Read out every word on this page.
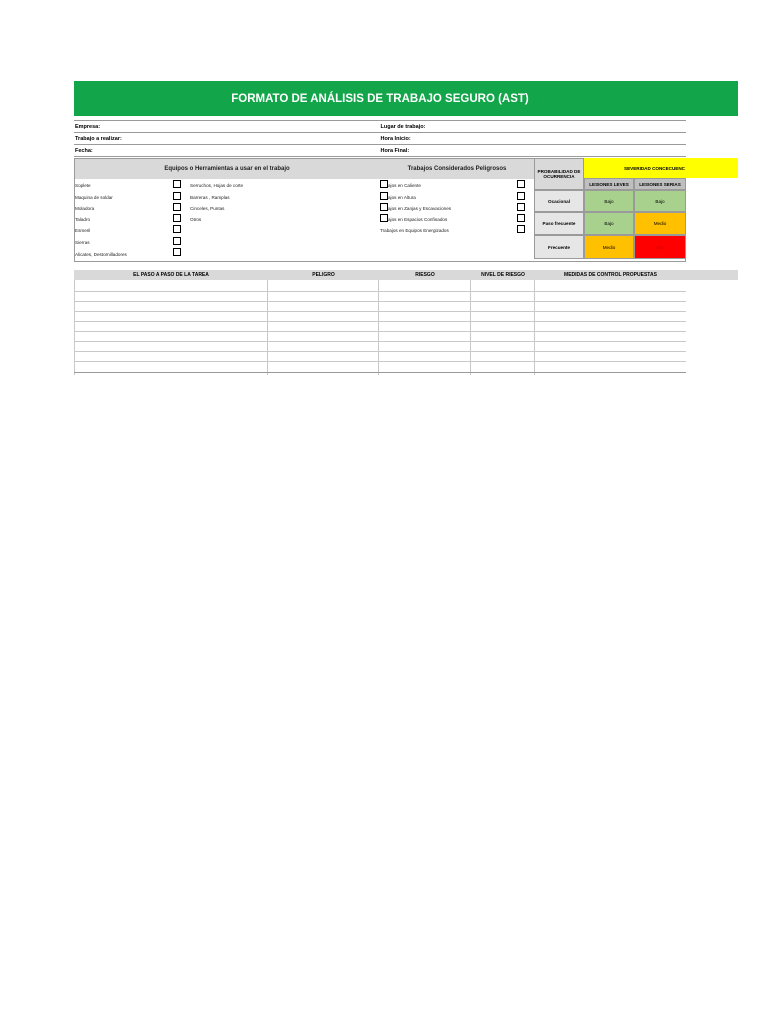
FORMATO DE ANÁLISIS DE TRABAJO SEGURO (AST)
Empresa:	Lugar de trabajo:
Trabajo a realizar:	Hora Inicio:
Fecha:	Hora Final:
Equipos o Herramientas a usar en el trabajo	Trabajos Considerados Peligrosos
Soplete
Maquina de soldar
Moladora
Taladro
Esmeril
Sierras
Alicates, Destornilladores
Serruchos, Hojas de corte
Barreras , Ramplas
Cinceles, Puntas
Otros
ajos en Caliente
ajos en Altura
ajos en Zanjas y Escavaciones
ajos en Espacios Confinados
Trabajos en Equipos Energizados
PROBABILIDAD DE OCURRENCIA
SEVERIDAD CONCECUENC
LESIONES LEVES	LESIONES SERIAS
Ocacional	Bajo	Bajo
Paso frecuente	Bajo	Medio
Frecuente	Medio	Alto
EL PASO A PASO DE LA TAREA	PELIGRO	RIESGO	NIVEL DE RIESGO	MEDIDAS DE CONTROL PROPUESTAS
